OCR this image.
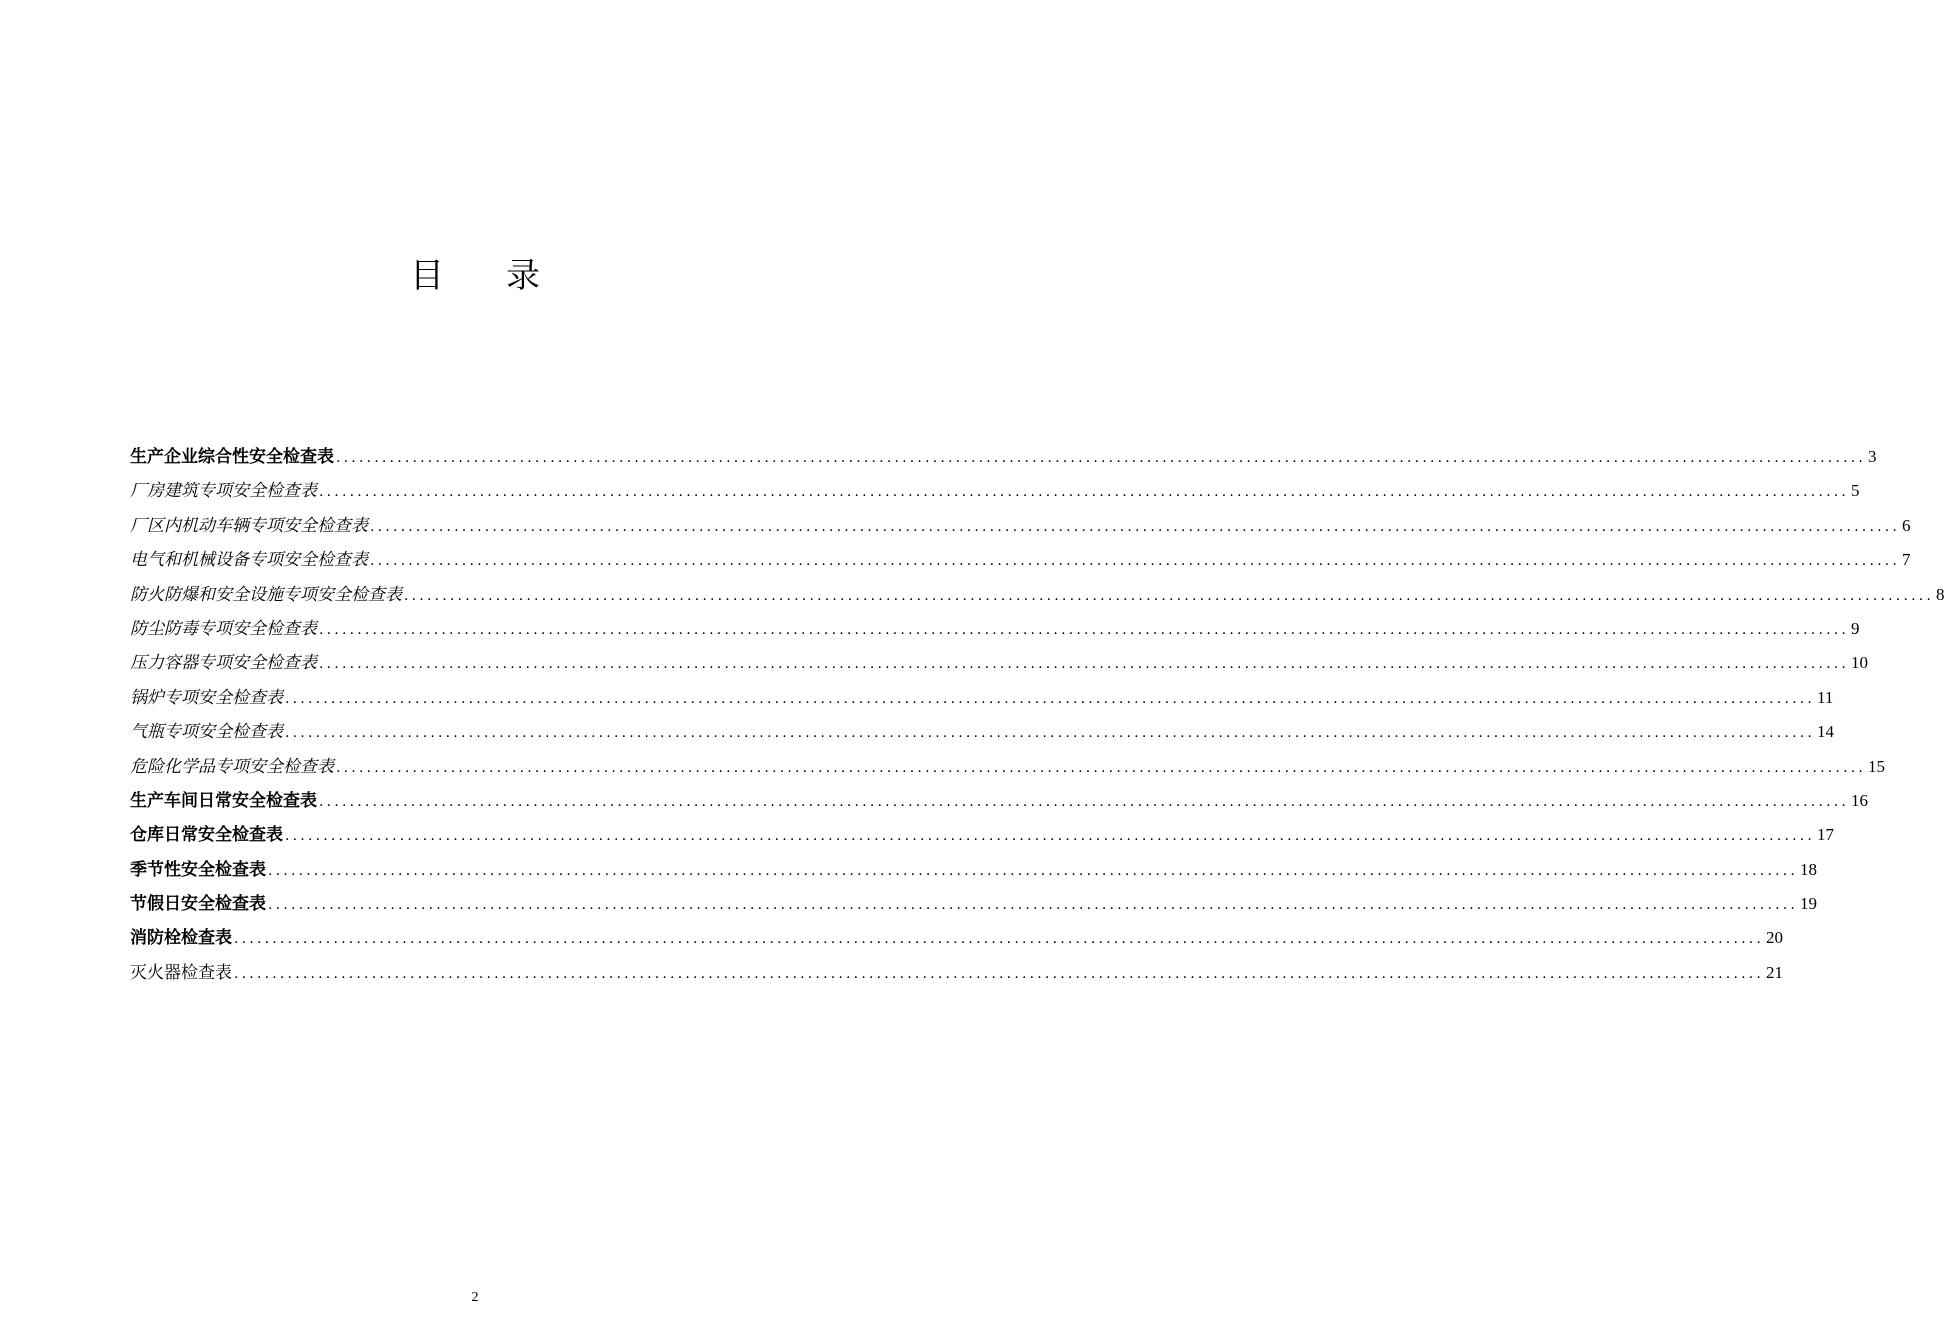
目 录
生产企业综合性安全检查表 ........................................................................................................................................................................................................ 3
厂房建筑专项安全检查表 ........................................................................................................................................................................................................ 5
厂区内机动车辆专项安全检查表 ........................................................................................................................................................................................................ 6
电气和机械设备专项安全检查表 ........................................................................................................................................................................................................ 7
防火防爆和安全设施专项安全检查表 ........................................................................................................................................................................................................ 8
防尘防毒专项安全检查表 ........................................................................................................................................................................................................ 9
压力容器专项安全检查表 ........................................................................................................................................................................................................ 10
锅炉专项安全检查表 ........................................................................................................................................................................................................ 11
气瓶专项安全检查表 ........................................................................................................................................................................................................ 14
危险化学品专项安全检查表 ........................................................................................................................................................................................................ 15
生产车间日常安全检查表 ........................................................................................................................................................................................................ 16
仓库日常安全检查表 ........................................................................................................................................................................................................ 17
季节性安全检查表 ........................................................................................................................................................................................................ 18
节假日安全检查表 ........................................................................................................................................................................................................ 19
消防栓检查表 ........................................................................................................................................................................................................ 20
灭火器检查表 ........................................................................................................................................................................................................ 21
2
